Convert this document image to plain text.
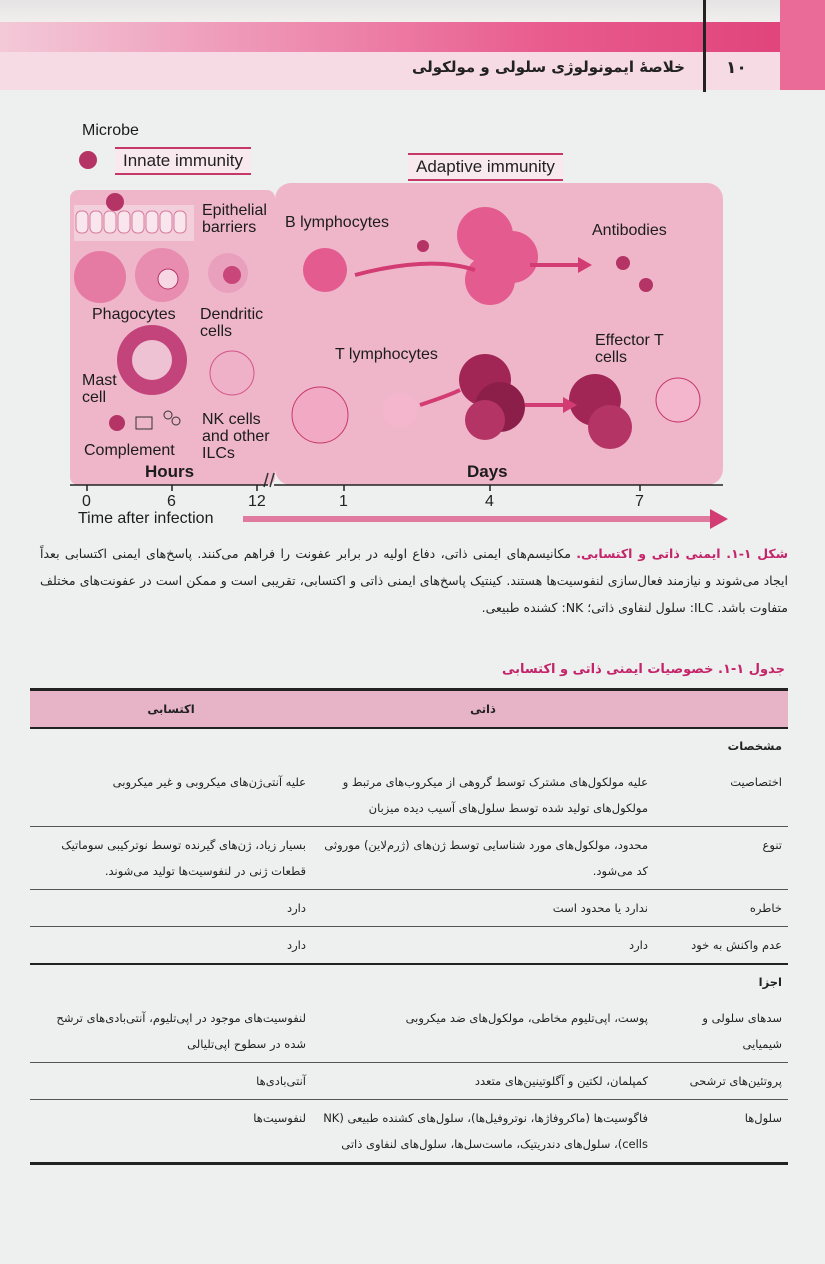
خلاصهٔ ایمونولوژی سلولی و مولکولی ۱۰
Microbe
Innate immunity	Adaptive immunity
Epithelial barriers
Phagocytes Dendritic cells
Mast cell
Complement
NK cells and other ILCs
Hours	Days
B lymphocytes	Antibodies
T lymphocytes
Effector T cells
0	6	12	1	4	7
Time after infection
شکل ۱-۱. ایمنی ذاتی و اکتسابی. مکانیسم‌های ایمنی ذاتی، دفاع اولیه در برابر عفونت را فراهم می‌کنند. پاسخ‌های ایمنی اکتسابی بعداً ایجاد می‌شوند و نیازمند فعال‌سازی لنفوسیت‌ها هستند. کینتیک پاسخ‌های ایمنی ذاتی و اکتسابی، تقریبی است و ممکن است در عفونت‌های مختلف متفاوت باشد. ILC: سلول لنفاوی ذاتی؛ NK: کشنده طبیعی.
جدول ۱-۱. خصوصیات ایمنی ذاتی و اکتسابی
	ذاتی	اکتسابی
مشخصات		
اختصاصیت	علیه مولکول‌های مشترک توسط گروهی از میکروب‌های مرتبط و مولکول‌های تولید شده توسط سلول‌های آسیب دیده میزبان	علیه آنتی‌ژن‌های میکروبی و غیر میکروبی
تنوع	محدود، مولکول‌های مورد شناسایی توسط ژن‌های (ژرم‌لاین) موروثی کد می‌شود.	بسیار زیاد، ژن‌های گیرنده توسط نوترکیبی سوماتیک قطعات ژنی در لنفوسیت‌ها تولید می‌شوند.
خاطره	ندارد یا محدود است	دارد
عدم واکنش به خود	دارد	دارد
اجزا		
سدهای سلولی و شیمیایی	پوست، اپی‌تلیوم مخاطی، مولکول‌های ضد میکروبی	لنفوسیت‌های موجود در اپی‌تلیوم، آنتی‌بادی‌های ترشح شده در سطوح اپی‌تلیالی
پروتئین‌های ترشحی	کمپلمان، لکتین و آگلوتینین‌های متعدد	آنتی‌بادی‌ها
سلول‌ها	فاگوسیت‌ها (ماکروفاژها، نوتروفیل‌ها)، سلول‌های کشنده طبیعی (NK cells)، سلول‌های دندریتیک، ماست‌سل‌ها، سلول‌های لنفاوی ذاتی	لنفوسیت‌ها
